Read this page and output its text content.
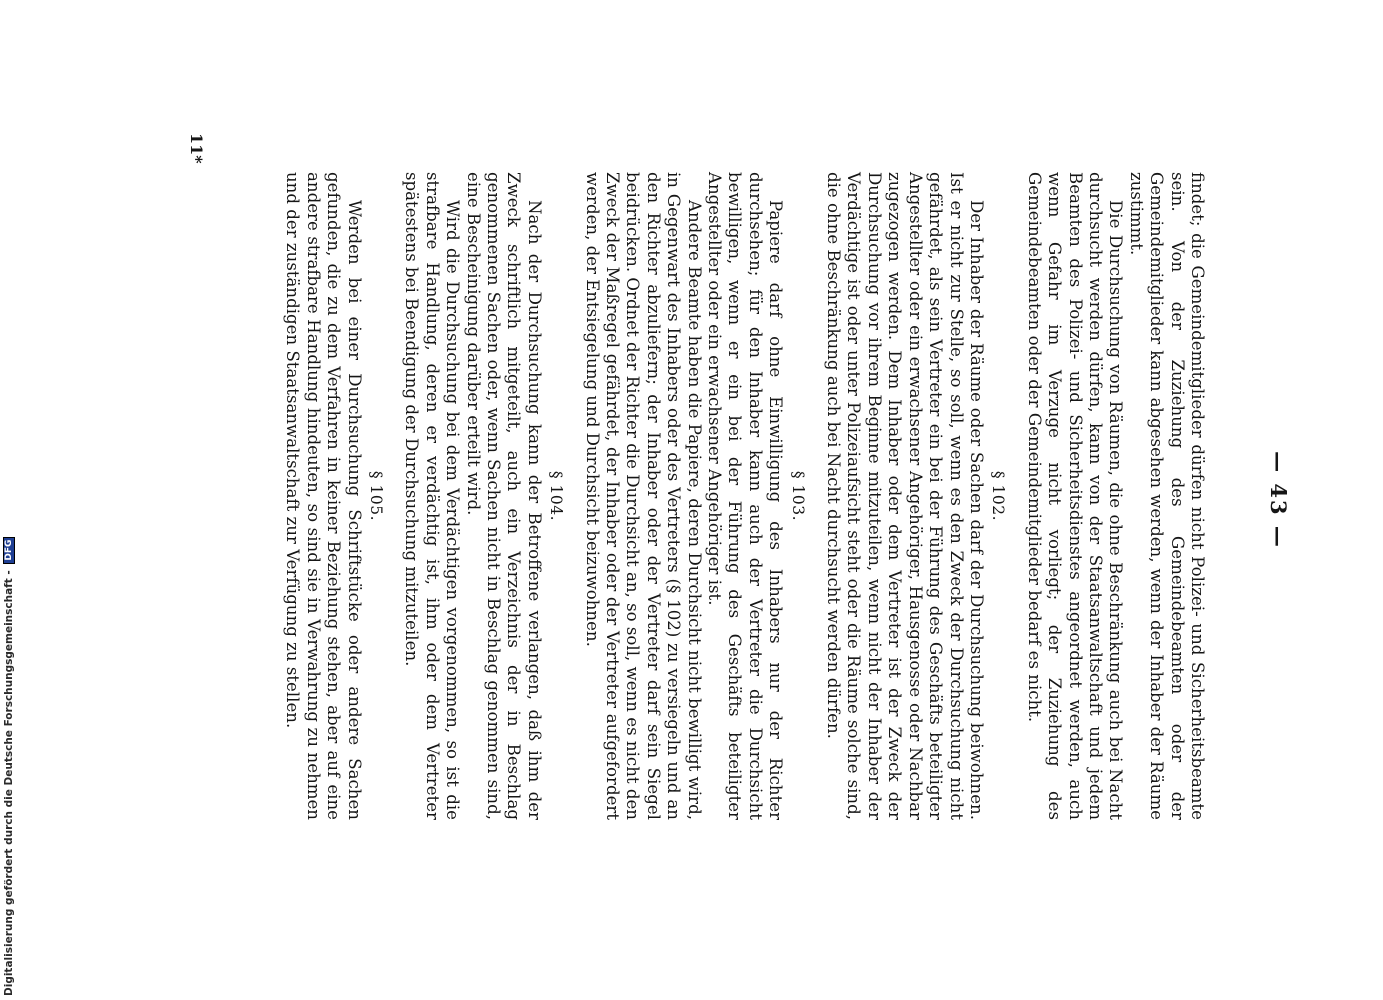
— 43 —

findet; die Gemeindemitglieder dürfen nicht Polizei- und Sicherheitsbeamte sein. Von der Zuziehung des Gemeindebeamten oder der Gemeindemitglieder kann abgesehen werden, wenn der Inhaber der Räume zustimmt.

Die Durchsuchung von Räumen, die ohne Beschränkung auch bei Nacht durchsucht werden dürfen, kann von der Staatsanwaltschaft und jedem Beamten des Polizei- und Sicherheitsdienstes angeordnet werden, auch wenn Gefahr im Verzuge nicht vorliegt; der Zuziehung des Gemeindebeamten oder der Gemeindemitglieder bedarf es nicht.

§ 102.

Der Inhaber der Räume oder Sachen darf der Durchsuchung beiwohnen. Ist er nicht zur Stelle, so soll, wenn es den Zweck der Durchsuchung nicht gefährdet, als sein Vertreter ein bei der Führung des Geschäfts beteiligter Angestellter oder ein erwachsener Angehöriger, Hausgenosse oder Nachbar zugezogen werden. Dem Inhaber oder dem Vertreter ist der Zweck der Durchsuchung vor ihrem Beginne mitzuteilen, wenn nicht der Inhaber der Verdächtige ist oder unter Polizeiaufsicht steht oder die Räume solche sind, die ohne Beschränkung auch bei Nacht durchsucht werden dürfen.

§ 103.

Papiere darf ohne Einwilligung des Inhabers nur der Richter durchsehen; für den Inhaber kann auch der Vertreter die Durchsicht bewilligen, wenn er ein bei der Führung des Geschäfts beteiligter Angestellter oder ein erwachsener Angehöriger ist.

Andere Beamte haben die Papiere, deren Durchsicht nicht bewilligt wird, in Gegenwart des Inhabers oder des Vertreters (§ 102) zu versiegeln und an den Richter abzuliefern; der Inhaber oder der Vertreter darf sein Siegel beidrücken. Ordnet der Richter die Durchsicht an, so soll, wenn es nicht den Zweck der Maßregel gefährdet, der Inhaber oder der Vertreter aufgefordert werden, der Entsiegelung und Durchsicht beizuwohnen.

§ 104.

Nach der Durchsuchung kann der Betroffene verlangen, daß ihm der Zweck schriftlich mitgeteilt, auch ein Verzeichnis der in Beschlag genommenen Sachen oder, wenn Sachen nicht in Beschlag genommen sind, eine Bescheinigung darüber erteilt wird.

Wird die Durchsuchung bei dem Verdächtigen vorgenommen, so ist die strafbare Handlung, deren er verdächtig ist, ihm oder dem Vertreter spätestens bei Beendigung der Durchsuchung mitzuteilen.

§ 105.

Werden bei einer Durchsuchung Schriftstücke oder andere Sachen gefunden, die zu dem Verfahren in keiner Beziehung stehen, aber auf eine andere strafbare Handlung hindeuten, so sind sie in Verwahrung zu nehmen und der zuständigen Staatsanwaltschaft zur Verfügung zu stellen.

11*
Digitalisierung gefördert durch die Deutsche Forschungsgemeinschaft - DFG
